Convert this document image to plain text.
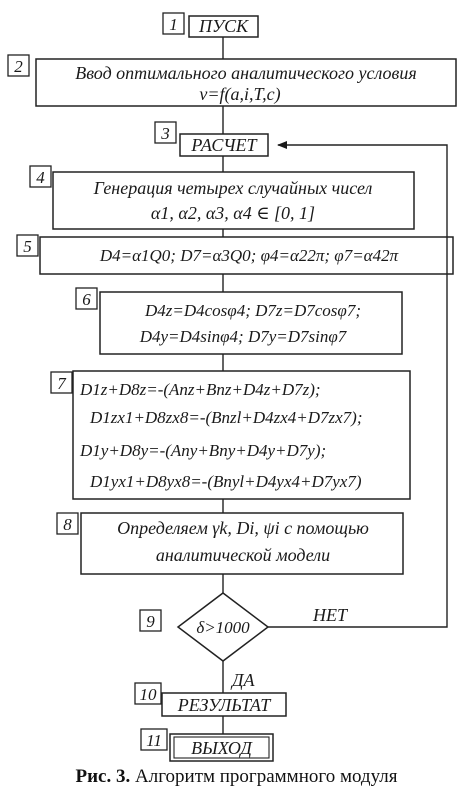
1 ПУСК
2	Ввод оптимального аналитического условия
v=f(a,i,T,c)
3
РАСЧЕТ
4
Генерация четырех случайных чисел
α1, α2, α3, α4 ∈ [0, 1]
5	D4=α1Q0; D7=α3Q0; φ4=α22π; φ7=α42π
6
D4z=D4cosφ4; D7z=D7cosφ7;
D4y=D4sinφ4; D7y=D7sinφ7
7 D1z+D8z=-(Anz+Bnz+D4z+D7z);
D1zx1+D8zx8=-(Bnzl+D4zx4+D7zx7);
D1y+D8y=-(Any+Bny+D4y+D7y);
D1yx1+D8yx8=-(Bnyl+D4yx4+D7yx7)
8	Определяем γk, Di, ψi с помощью
аналитической модели
9 δ>1000
НЕТ
ДА
10
РЕЗУЛЬТАТ
11 ВЫХОД
Рис. 3. Алгоритм программного модуля
